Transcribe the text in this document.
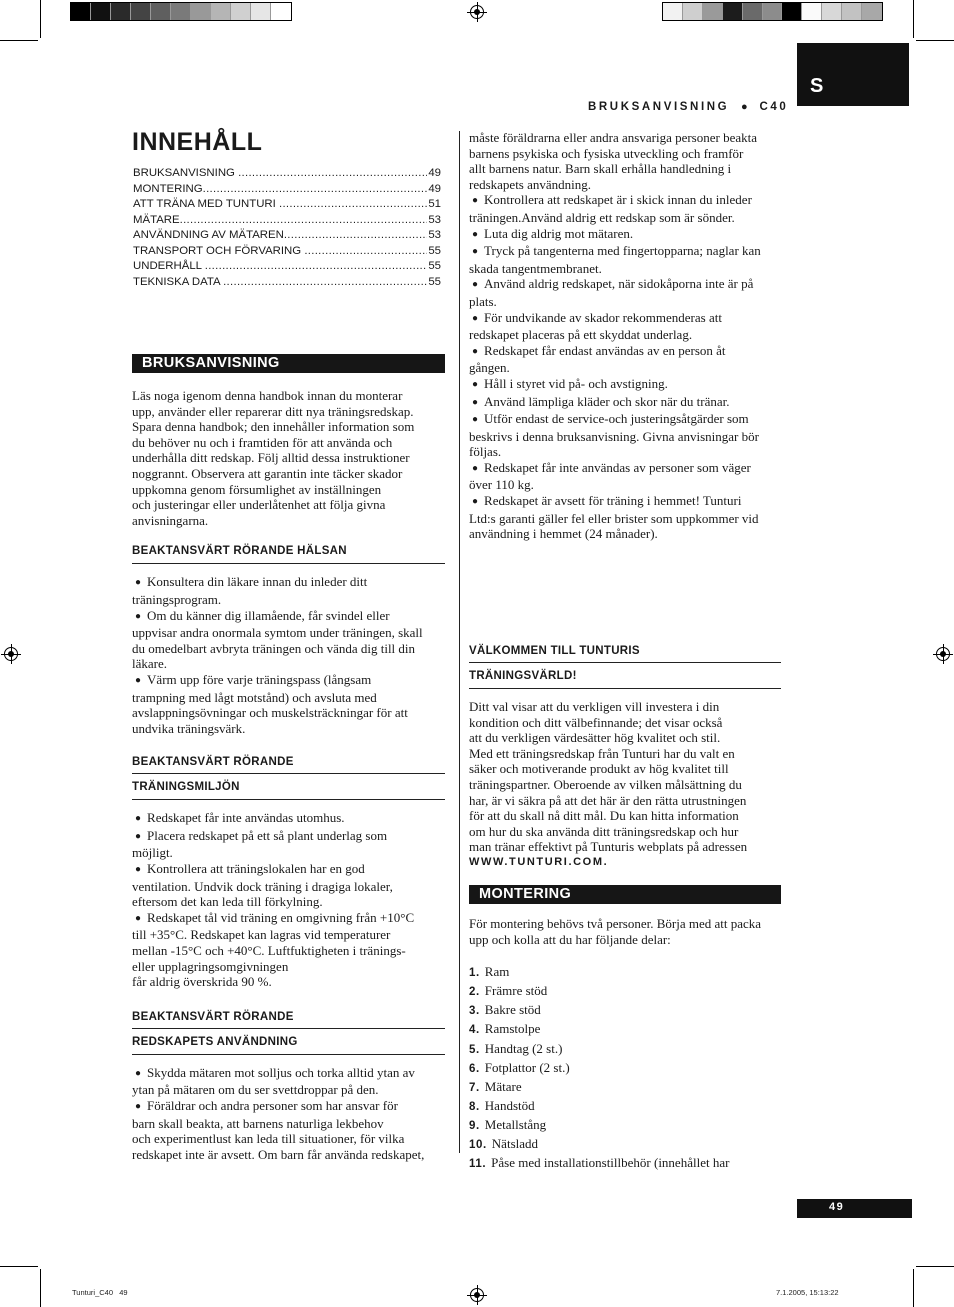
BRUKSANVISNING ● C40
S
INNEHÅLL
BRUKSANVISNING .....	49
MONTERING .....	49
ATT TRÄNA MED TUNTURI .....	51
MÄTARE .....	53
ANVÄNDNING AV MÄTAREN .....	53
TRANSPORT OCH FÖRVARING .....	55
UNDERHÅLL .....	55
TEKNISKA DATA .....	55
BRUKSANVISNING
Läs noga igenom denna handbok innan du monterar
upp, använder eller reparerar ditt nya träningsredskap.
Spara denna handbok; den innehåller information som
du behöver nu och i framtiden för att använda och
underhålla ditt redskap. Följ alltid dessa instruktioner
noggrannt. Observera att garantin inte täcker skador
uppkomna genom försumlighet av inställningen
och justeringar eller underlåtenhet att följa givna
anvisningarna.
BEAKTANSVÄRT RÖRANDE HÄLSAN
● Konsultera din läkare innan du inleder ditt
träningsprogram.
● Om du känner dig illamående, får svindel eller
uppvisar andra onormala symtom under träningen, skall
du omedelbart avbryta träningen och vända dig till din
läkare.
● Värm upp före varje träningspass (långsam
trampning med lågt motstånd) och avsluta med
avslappningsövningar och muskelsträckningar för att
undvika träningsvärk.
BEAKTANSVÄRT RÖRANDE
TRÄNINGSMILJÖN
● Redskapet får inte användas utomhus.
● Placera redskapet på ett så plant underlag som
möjligt.
● Kontrollera att träningslokalen har en god
ventilation. Undvik dock träning i dragiga lokaler,
eftersom det kan leda till förkylning.
● Redskapet tål vid träning en omgivning från +10°C
till +35°C. Redskapet kan lagras vid temperaturer
mellan -15°C och +40°C. Luftfuktigheten i tränings-
eller upplagringsomgivningen
får aldrig överskrida 90 %.
BEAKTANSVÄRT RÖRANDE
REDSKAPETS ANVÄNDNING
● Skydda mätaren mot solljus och torka alltid ytan av
ytan på mätaren om du ser svettdroppar på den.
● Föräldrar och andra personer som har ansvar för
barn skall beakta, att barnens naturliga lekbehov
och experimentlust kan leda till situationer, för vilka
redskapet inte är avsett. Om barn får använda redskapet,
måste föräldrarna eller andra ansvariga personer beakta
barnens psykiska och fysiska utveckling och framför
allt barnens natur. Barn skall erhålla handledning i
redskapets användning.
● Kontrollera att redskapet är i skick innan du inleder
träningen.Använd aldrig ett redskap som är sönder.
● Luta dig aldrig mot mätaren.
● Tryck på tangenterna med fingertopparna; naglar kan
skada tangentmembranet.
● Använd aldrig redskapet, när sidokåporna inte är på
plats.
● För undvikande av skador rekommenderas att
redskapet placeras på ett skyddat underlag.
● Redskapet får endast användas av en person åt
gången.
● Håll i styret vid på- och avstigning.
● Använd lämpliga kläder och skor när du tränar.
● Utför endast de service-och justeringsåtgärder som
beskrivs i denna bruksanvisning. Givna anvisningar bör
följas.
● Redskapet får inte användas av personer som väger
över 110 kg.
● Redskapet är avsett för träning i hemmet! Tunturi
Ltd:s garanti gäller fel eller brister som uppkommer vid
användning i hemmet (24 månader).
VÄLKOMMEN TILL TUNTURIS
TRÄNINGSVÄRLD!
Ditt val visar att du verkligen vill investera i din
kondition och ditt välbefinnande; det visar också
att du verkligen värdesätter hög kvalitet och stil.
Med ett träningsredskap från Tunturi har du valt en
säker och motiverande produkt av hög kvalitet till
träningspartner. Oberoende av vilken målsättning du
har, är vi säkra på att det här är den rätta utrustningen
för att du skall nå ditt mål. Du kan hitta information
om hur du ska använda ditt träningsredskap och hur
man tränar effektivt på Tunturis webplats på adressen
WWW.TUNTURI.COM.
MONTERING
För montering behövs två personer. Börja med att packa
upp och kolla att du har följande delar:
1. Ram
2. Främre stöd
3. Bakre stöd
4. Ramstolpe
5. Handtag (2 st.)
6. Fotplattor (2 st.)
7. Mätare
8. Handstöd
9. Metallstång
10. Nätsladd
11. Påse med installationstillbehör (innehållet har
49
Tunturi_C40   49	7.1.2005, 15:13:22
